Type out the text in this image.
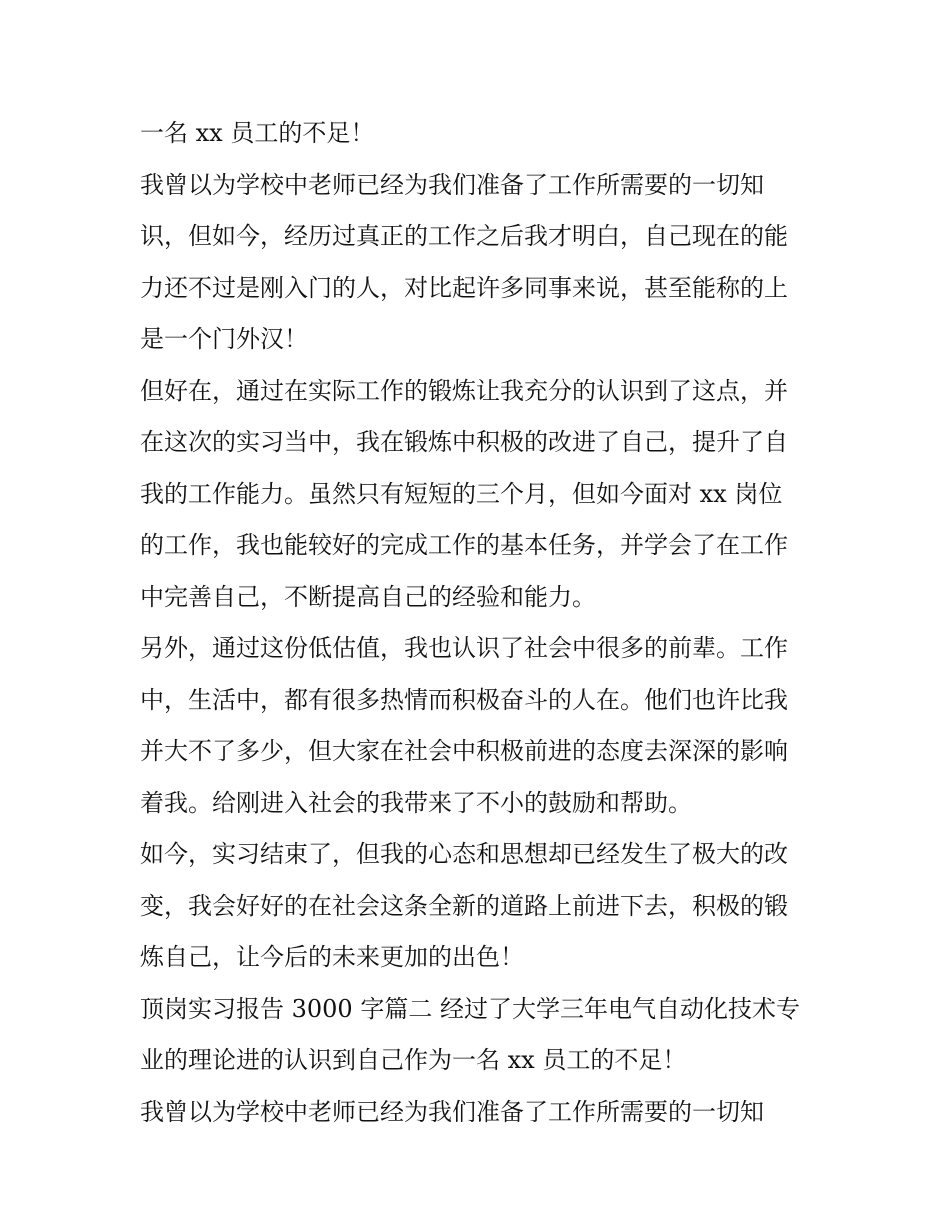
一名 xx 员工的不足！
我曾以为学校中老师已经为我们准备了工作所需要的一切知
识，但如今，经历过真正的工作之后我才明白，自己现在的能
力还不过是刚入门的人，对比起许多同事来说，甚至能称的上
是一个门外汉！
但好在，通过在实际工作的锻炼让我充分的认识到了这点，并
在这次的实习当中，我在锻炼中积极的改进了自己，提升了自
我的工作能力。虽然只有短短的三个月，但如今面对 xx 岗位
的工作，我也能较好的完成工作的基本任务，并学会了在工作
中完善自己，不断提高自己的经验和能力。
另外，通过这份低估值，我也认识了社会中很多的前辈。工作
中，生活中，都有很多热情而积极奋斗的人在。他们也许比我
并大不了多少，但大家在社会中积极前进的态度去深深的影响
着我。给刚进入社会的我带来了不小的鼓励和帮助。
如今，实习结束了，但我的心态和思想却已经发生了极大的改
变，我会好好的在社会这条全新的道路上前进下去，积极的锻
炼自己，让今后的未来更加的出色！
顶岗实习报告 3000 字篇二 经过了大学三年电气自动化技术专
业的理论进的认识到自己作为一名 xx 员工的不足！
我曾以为学校中老师已经为我们准备了工作所需要的一切知
